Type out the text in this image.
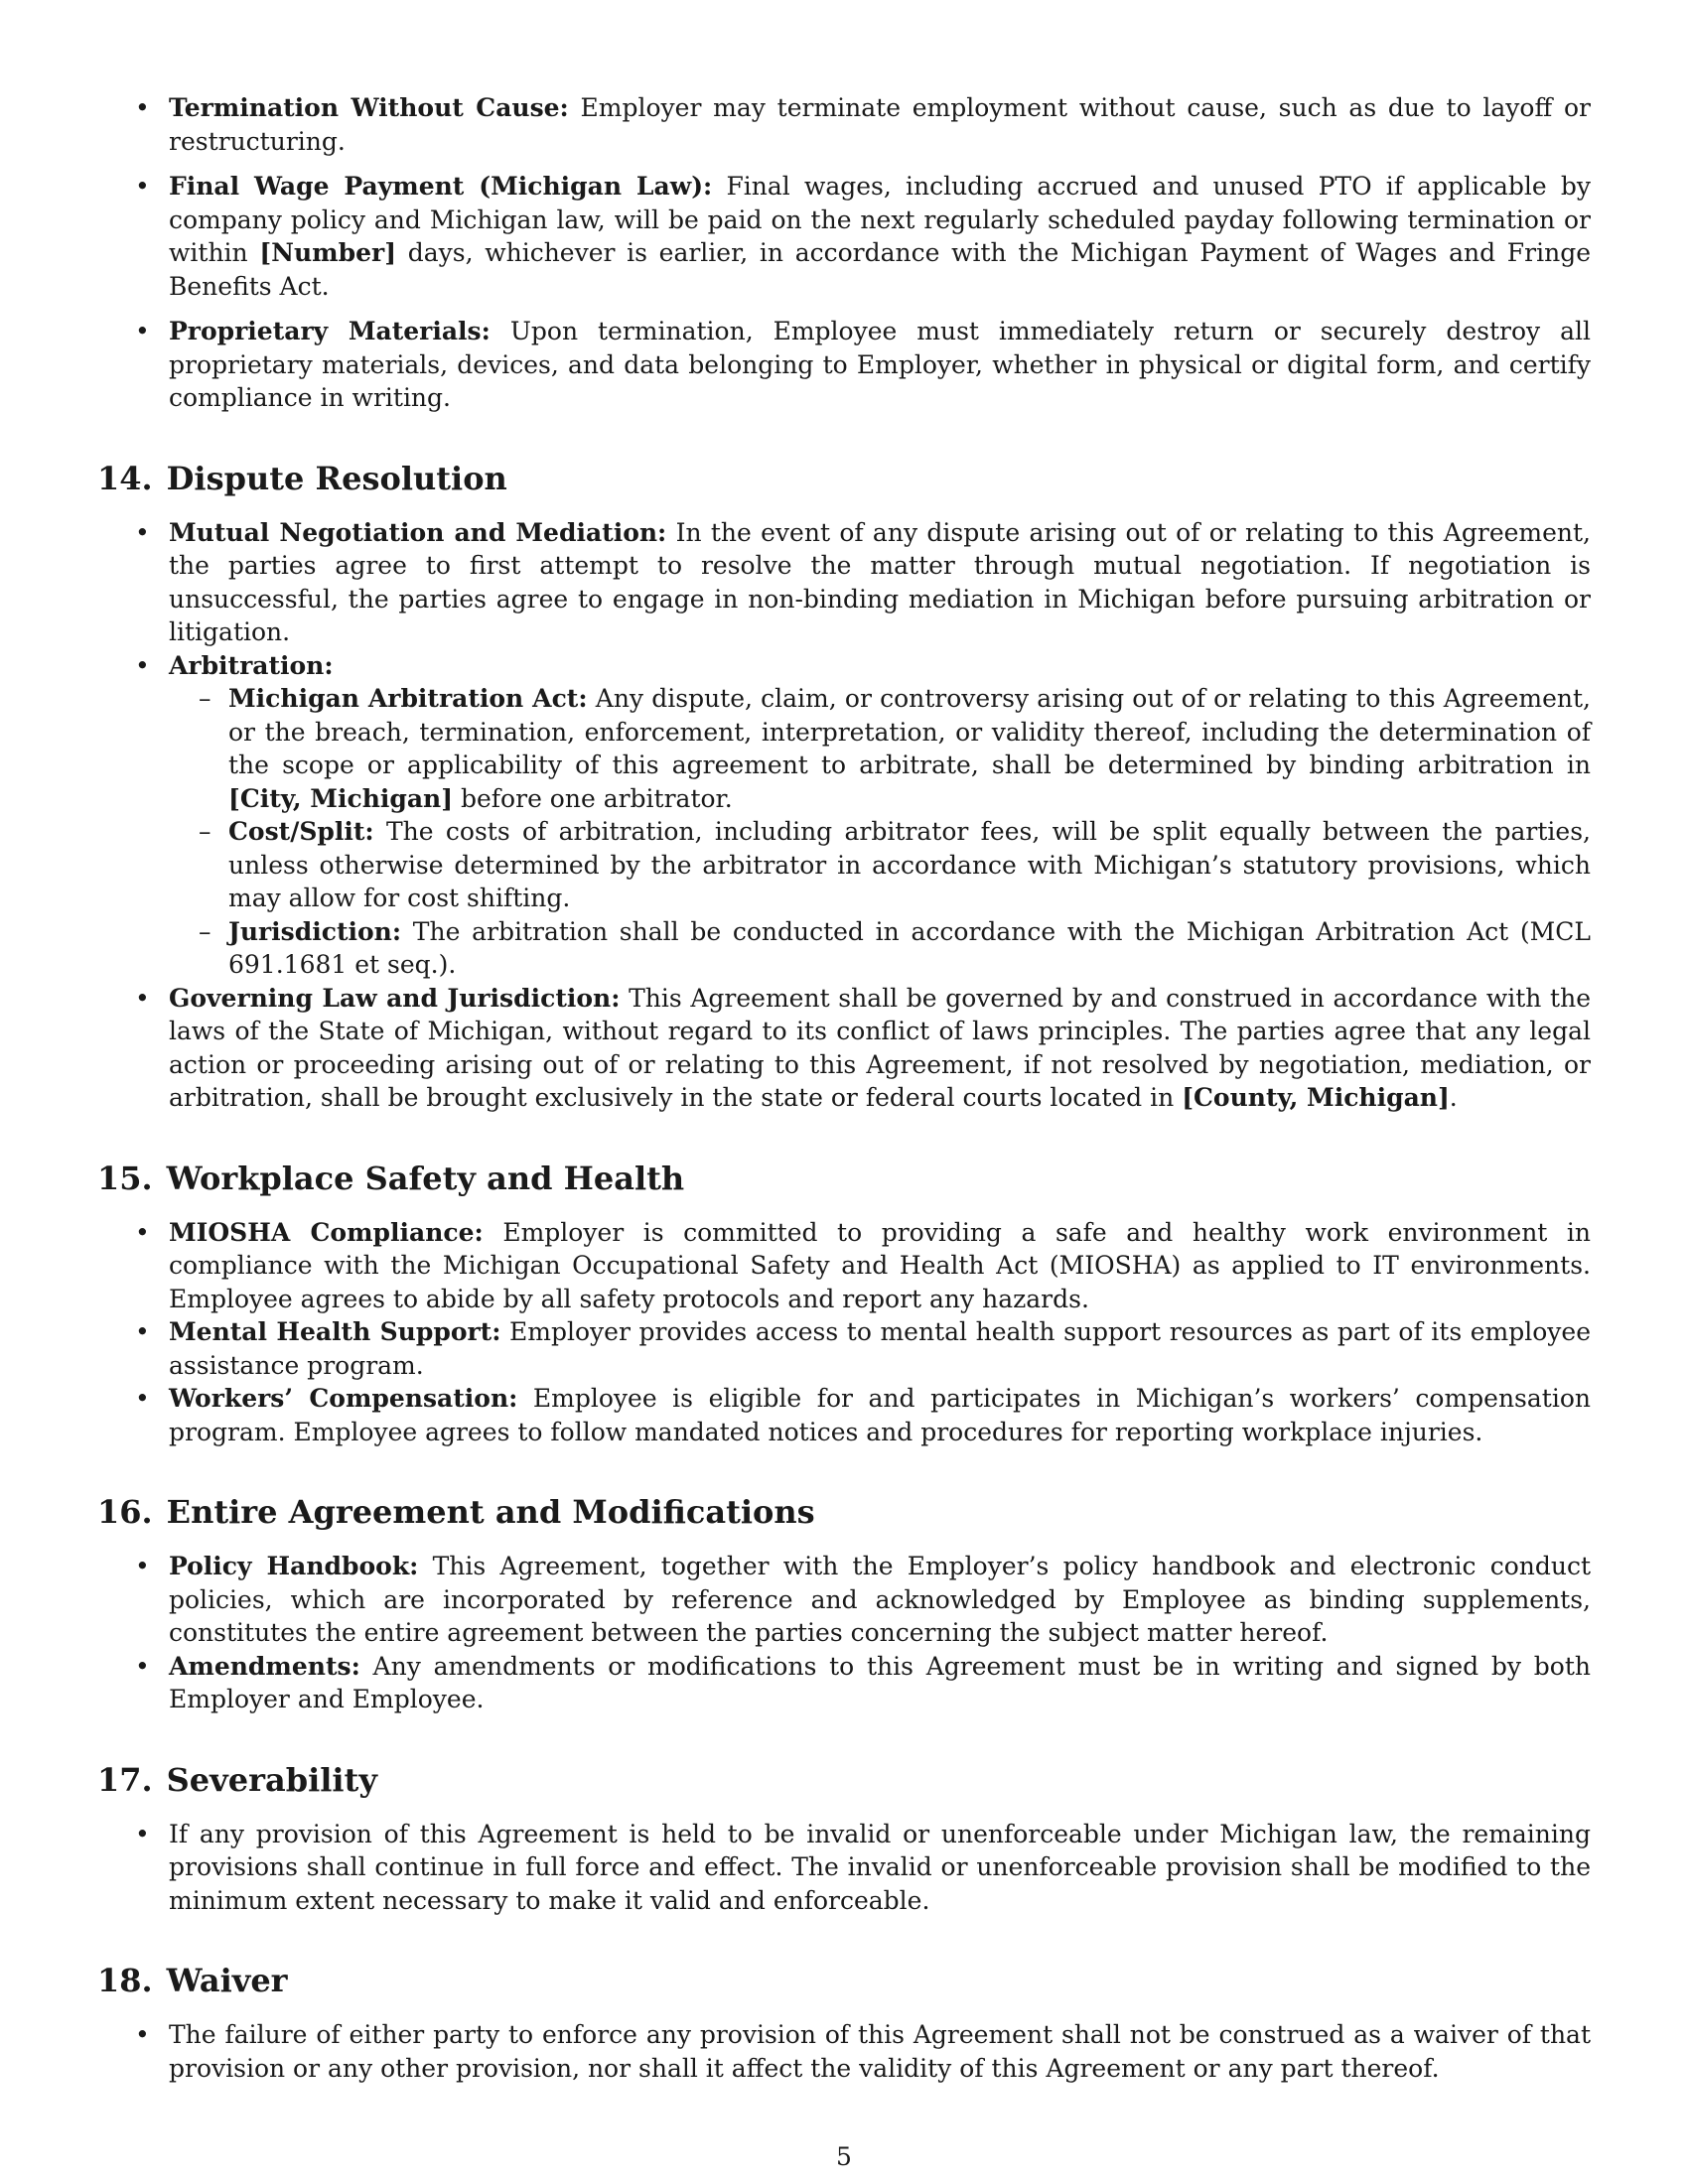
• Termination Without Cause: Employer may terminate employment without cause, such as due to layoff or restructuring.
• Final Wage Payment (Michigan Law): Final wages, including accrued and unused PTO if applicable by company policy and Michigan law, will be paid on the next regularly scheduled payday following termination or within [Number] days, whichever is earlier, in accordance with the Michigan Payment of Wages and Fringe Benefits Act.
• Proprietary Materials: Upon termination, Employee must immediately return or securely destroy all proprietary materials, devices, and data belonging to Employer, whether in physical or digital form, and certify compliance in writing.
14. Dispute Resolution
• Mutual Negotiation and Mediation: In the event of any dispute arising out of or relating to this Agreement, the parties agree to first attempt to resolve the matter through mutual negotiation. If negotiation is unsuccessful, the parties agree to engage in non-binding mediation in Michigan before pursuing arbitration or litigation.
• Arbitration:
– Michigan Arbitration Act: Any dispute, claim, or controversy arising out of or relating to this Agreement, or the breach, termination, enforcement, interpretation, or validity thereof, including the determination of the scope or applicability of this agreement to arbitrate, shall be determined by binding arbitration in [City, Michigan] before one arbitrator.
– Cost/Split: The costs of arbitration, including arbitrator fees, will be split equally between the parties, unless otherwise determined by the arbitrator in accordance with Michigan’s statutory provisions, which may allow for cost shifting.
– Jurisdiction: The arbitration shall be conducted in accordance with the Michigan Arbitration Act (MCL 691.1681 et seq.).
• Governing Law and Jurisdiction: This Agreement shall be governed by and construed in accordance with the laws of the State of Michigan, without regard to its conflict of laws principles. The parties agree that any legal action or proceeding arising out of or relating to this Agreement, if not resolved by negotiation, mediation, or arbitration, shall be brought exclusively in the state or federal courts located in [County, Michigan].
15. Workplace Safety and Health
• MIOSHA Compliance: Employer is committed to providing a safe and healthy work environment in compliance with the Michigan Occupational Safety and Health Act (MIOSHA) as applied to IT environments. Employee agrees to abide by all safety protocols and report any hazards.
• Mental Health Support: Employer provides access to mental health support resources as part of its employee assistance program.
• Workers’ Compensation: Employee is eligible for and participates in Michigan’s workers’ compensation program. Employee agrees to follow mandated notices and procedures for reporting workplace injuries.
16. Entire Agreement and Modifications
• Policy Handbook: This Agreement, together with the Employer’s policy handbook and electronic conduct policies, which are incorporated by reference and acknowledged by Employee as binding supplements, constitutes the entire agreement between the parties concerning the subject matter hereof.
• Amendments: Any amendments or modifications to this Agreement must be in writing and signed by both Employer and Employee.
17. Severability
• If any provision of this Agreement is held to be invalid or unenforceable under Michigan law, the remaining provisions shall continue in full force and effect. The invalid or unenforceable provision shall be modified to the minimum extent necessary to make it valid and enforceable.
18. Waiver
• The failure of either party to enforce any provision of this Agreement shall not be construed as a waiver of that provision or any other provision, nor shall it affect the validity of this Agreement or any part thereof.
5
